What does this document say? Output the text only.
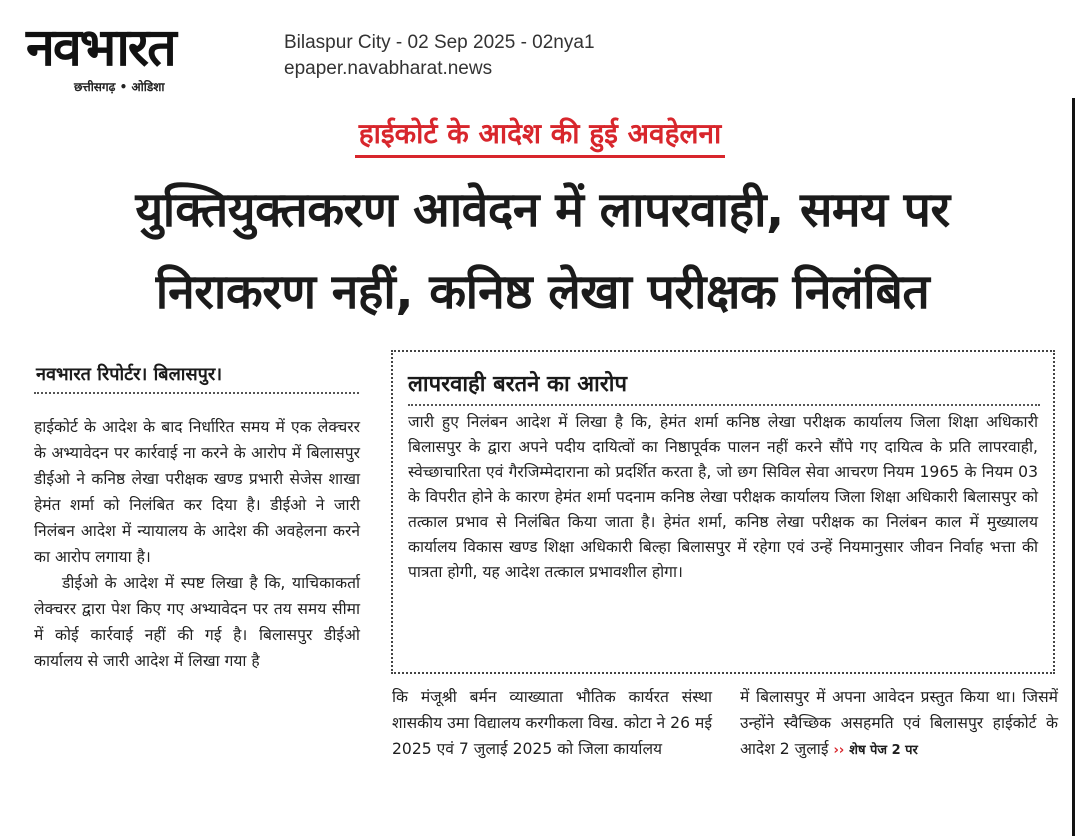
नवभारत
छत्तीसगढ़ • ओडिशा
Bilaspur City - 02 Sep 2025 - 02nya1
epaper.navabharat.news
हाईकोर्ट के आदेश की हुई अवहेलना
युक्तियुक्तकरण आवेदन में लापरवाही, समय पर
निराकरण नहीं, कनिष्ठ लेखा परीक्षक निलंबित
नवभारत रिपोर्टर। बिलासपुर।

हाईकोर्ट के आदेश के बाद निर्धारित समय में एक लेक्चरर के अभ्यावेदन पर कार्रवाई ना करने के आरोप में बिलासपुर डीईओ ने कनिष्ठ लेखा परीक्षक खण्ड प्रभारी सेजेस शाखा हेमंत शर्मा को निलंबित कर दिया है। डीईओ ने जारी निलंबन आदेश में न्यायालय के आदेश की अवहेलना करने का आरोप लगाया है।

डीईओ के आदेश में स्पष्ट लिखा है कि, याचिकाकर्ता लेक्चरर द्वारा पेश किए गए अभ्यावेदन पर तय समय सीमा में कोई कार्रवाई नहीं की गई है। बिलासपुर डीईओ कार्यालय से जारी आदेश में लिखा गया है

लापरवाही बरतने का आरोप

जारी हुए निलंबन आदेश में लिखा है कि, हेमंत शर्मा कनिष्ठ लेखा परीक्षक कार्यालय जिला शिक्षा अधिकारी बिलासपुर के द्वारा अपने पदीय दायित्वों का निष्ठापूर्वक पालन नहीं करने सौंपे गए दायित्व के प्रति लापरवाही, स्वेच्छाचारिता एवं गैरजिम्मेदाराना को प्रदर्शित करता है, जो छग सिविल सेवा आचरण नियम 1965 के नियम 03 के विपरीत होने के कारण हेमंत शर्मा पदनाम कनिष्ठ लेखा परीक्षक कार्यालय जिला शिक्षा अधिकारी बिलासपुर को तत्काल प्रभाव से निलंबित किया जाता है। हेमंत शर्मा, कनिष्ठ लेखा परीक्षक का निलंबन काल में मुख्यालय कार्यालय विकास खण्ड शिक्षा अधिकारी बिल्हा बिलासपुर में रहेगा एवं उन्हें नियमानुसार जीवन निर्वाह भत्ता की पात्रता होगी, यह आदेश तत्काल प्रभावशील होगा।

कि मंजूश्री बर्मन व्याख्याता भौतिक कार्यरत संस्था शासकीय उमा विद्यालय करगीकला विख. कोटा ने 26 मई 2025 एवं 7 जुलाई 2025 को जिला कार्यालय

में बिलासपुर में अपना आवेदन प्रस्तुत किया था। जिसमें उन्होंने स्वैच्छिक असहमति एवं बिलासपुर हाईकोर्ट के आदेश 2 जुलाई ›› शेष पेज 2 पर
